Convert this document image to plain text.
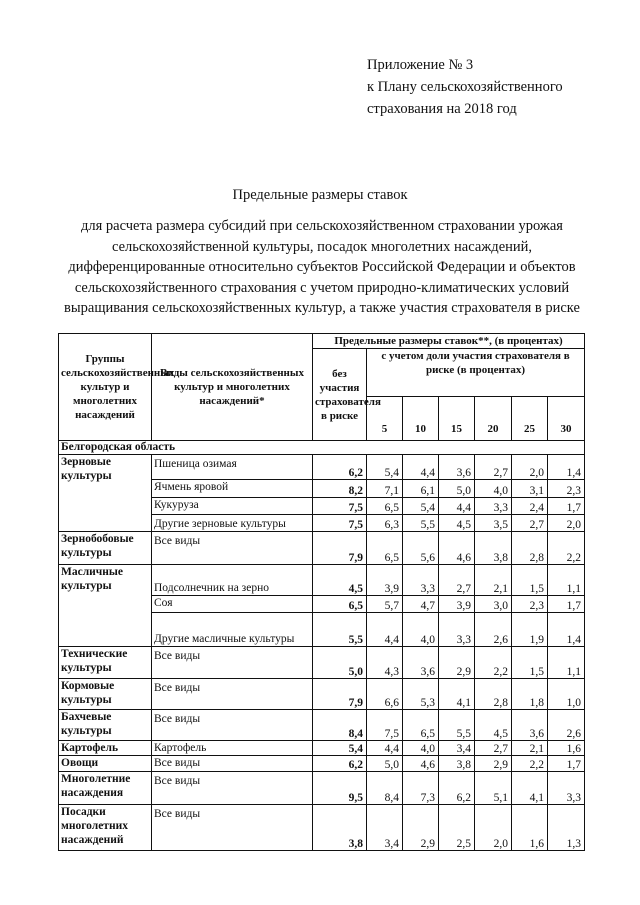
Приложение № 3
к Плану сельскохозяйственного
страхования на 2018 год
Предельные размеры ставок
для расчета размера субсидий при сельскохозяйственном страховании урожая сельскохозяйственной культуры, посадок многолетних насаждений, дифференцированные относительно субъектов Российской Федерации и объектов сельскохозяйственного страхования с учетом природно-климатических условий выращивания сельскохозяйственных культур, а также участия страхователя в риске
Группы сельскохозяйственных культур и многолетних насаждений	Виды сельскохозяйственных культур и многолетних насаждений*	Предельные размеры ставок**, (в процентах)						
		без участия страхователя в риске	с учетом доли участия страхователя в риске (в процентах)					
			5	10	15	20	25	30
Белгородская область								
Зерновые культуры	Пшеница озимая	6,2	5,4	4,4	3,6	2,7	2,0	1,4
	Ячмень яровой	8,2	7,1	6,1	5,0	4,0	3,1	2,3
	Кукуруза	7,5	6,5	5,4	4,4	3,3	2,4	1,7
	Другие зерновые культуры	7,5	6,3	5,5	4,5	3,5	2,7	2,0
Зернобобовые культуры	Все виды	7,9	6,5	5,6	4,6	3,8	2,8	2,2
Масличные культуры	Подсолнечник на зерно	4,5	3,9	3,3	2,7	2,1	1,5	1,1
	Соя	6,5	5,7	4,7	3,9	3,0	2,3	1,7
	Другие масличные культуры	5,5	4,4	4,0	3,3	2,6	1,9	1,4
Технические культуры	Все виды	5,0	4,3	3,6	2,9	2,2	1,5	1,1
Кормовые культуры	Все виды	7,9	6,6	5,3	4,1	2,8	1,8	1,0
Бахчевые культуры	Все виды	8,4	7,5	6,5	5,5	4,5	3,6	2,6
Картофель	Картофель	5,4	4,4	4,0	3,4	2,7	2,1	1,6
Овощи	Все виды	6,2	5,0	4,6	3,8	2,9	2,2	1,7
Многолетние насаждения	Все виды	9,5	8,4	7,3	6,2	5,1	4,1	3,3
Посадки многолетних насаждений	Все виды	3,8	3,4	2,9	2,5	2,0	1,6	1,3
